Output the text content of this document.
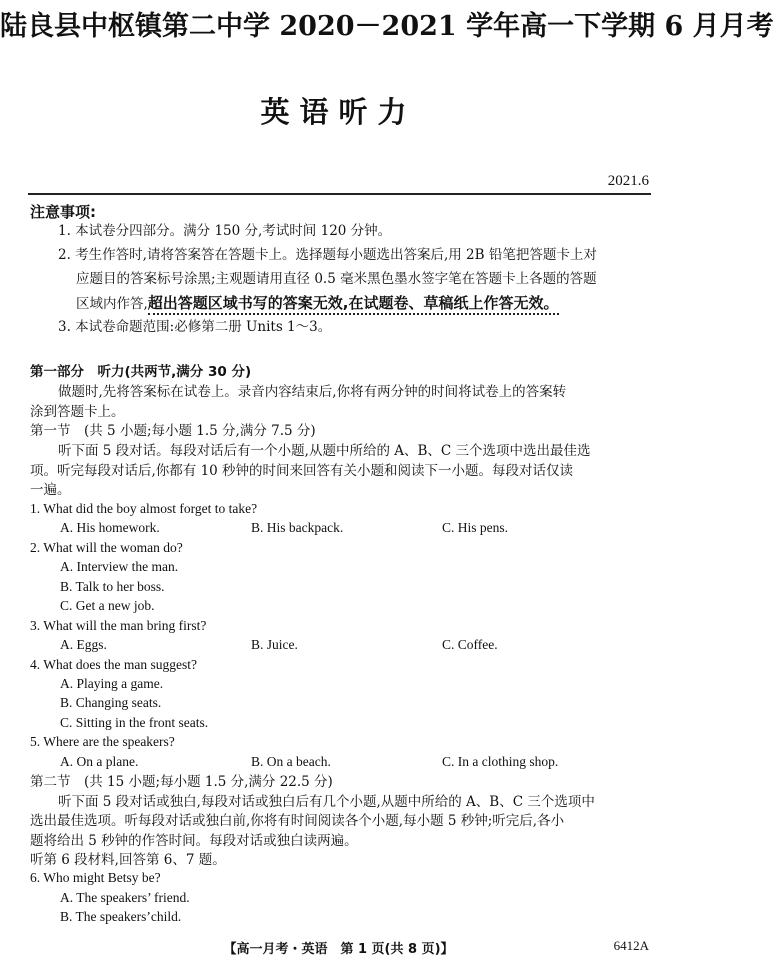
陆良县中枢镇第二中学 2020－2021 学年高一下学期 6 月月考
英语听力
2021.6
注意事项:
1. 本试卷分四部分。满分 150 分,考试时间 120 分钟。
2. 考生作答时,请将答案答在答题卡上。选择题每小题选出答案后,用 2B 铅笔把答题卡上对
应题目的答案标号涂黑;主观题请用直径 0.5 毫米黑色墨水签字笔在答题卡上各题的答题
区域内作答,超出答题区域书写的答案无效,在试题卷、草稿纸上作答无效。
3. 本试卷命题范围:必修第二册 Units 1～3。
第一部分　听力(共两节,满分 30 分)
做题时,先将答案标在试卷上。录音内容结束后,你将有两分钟的时间将试卷上的答案转
涂到答题卡上。
第一节　(共 5 小题;每小题 1.5 分,满分 7.5 分)
听下面 5 段对话。每段对话后有一个小题,从题中所给的 A、B、C 三个选项中选出最佳选
项。听完每段对话后,你都有 10 秒钟的时间来回答有关小题和阅读下一小题。每段对话仅读
一遍。
1. What did the boy almost forget to take?
A. His homework.	B. His backpack.	C. His pens.
2. What will the woman do?
A. Interview the man.
B. Talk to her boss.
C. Get a new job.
3. What will the man bring first?
A. Eggs.	B. Juice.	C. Coffee.
4. What does the man suggest?
A. Playing a game.
B. Changing seats.
C. Sitting in the front seats.
5. Where are the speakers?
A. On a plane.	B. On a beach.	C. In a clothing shop.
第二节　(共 15 小题;每小题 1.5 分,满分 22.5 分)
听下面 5 段对话或独白,每段对话或独白后有几个小题,从题中所给的 A、B、C 三个选项中
选出最佳选项。听每段对话或独白前,你将有时间阅读各个小题,每小题 5 秒钟;听完后,各小
题将给出 5 秒钟的作答时间。每段对话或独白读两遍。
听第 6 段材料,回答第 6、7 题。
6. Who might Betsy be?
A. The speakers’ friend.
B. The speakers’child.
【高一月考・英语　第 1 页(共 8 页)】	6412A
